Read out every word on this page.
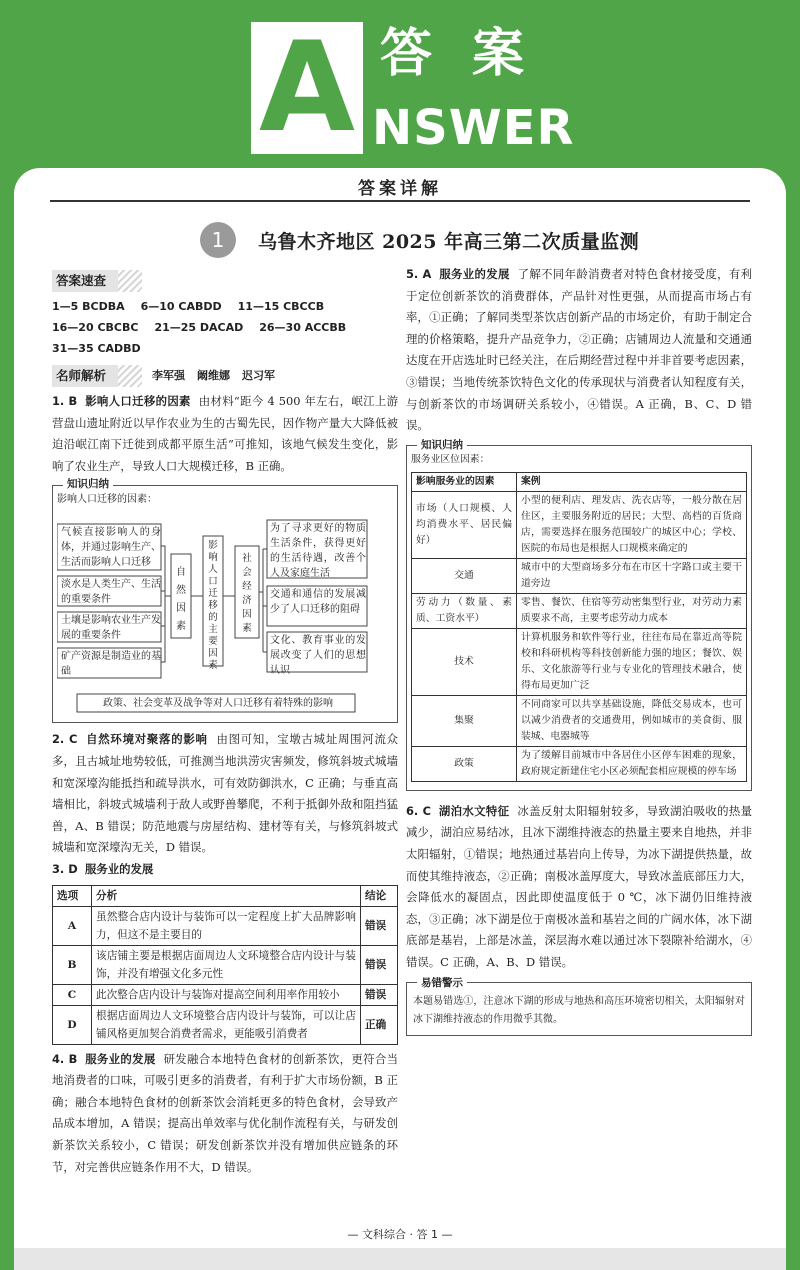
A 答案
NSWER
答案详解
1	乌鲁木齐地区 2025 年高三第二次质量监测
答案速查
1—5 BCDBA 6—10 CABDD 11—15 CBCCB
16—20 CBCBC 21—25 DACAD 26—30 ACCBB
31—35 CADBD
名师解析	李军强 阚维娜 迟习军
1. B 影响人口迁移的因素 由材料“距今 4 500 年左右，岷江上游营盘山遗址附近以早作农业为生的古蜀先民，因作物产量大大降低被迫沿岷江南下迁徙到成都平原生活”可推知，该地气候发生变化，影响了农业生产，导致人口大规模迁移，B 正确。
知识归纳
影响人口迁移的因素：
气候直接影响人的身体，并通过影响生产、生活而影响人口迁移
淡水是人类生产、生活的重要条件
土壤是影响农业生产发展的重要条件
矿产资源是制造业的基础
自然因素
影响人口迁移的主要因素
社会经济因素
为了寻求更好的物质生活条件，获得更好的生活待遇，改善个人及家庭生活
交通和通信的发展减少了人口迁移的阻碍
文化、教育事业的发展改变了人们的思想认识
政策、社会变革及战争等对人口迁移有着特殊的影响
2. C 自然环境对聚落的影响 由图可知，宝墩古城址周围河流众多，且古城址地势较低，可推测当地洪涝灾害频发，修筑斜坡式城墙和宽深壕沟能抵挡和疏导洪水，可有效防御洪水，C 正确；与垂直高墙相比，斜坡式城墙利于敌人或野兽攀爬，不利于抵御外敌和阻挡猛兽，A、B 错误；防范地震与房屋结构、建材等有关，与修筑斜坡式城墙和宽深壕沟无关，D 错误。
3. D 服务业的发展
选项	分析	结论
A	虽然整合店内设计与装饰可以一定程度上扩大品牌影响力，但这不是主要目的	错误
B	该店铺主要是根据店面周边人文环境整合店内设计与装饰，并没有增强文化多元性	错误
C	此次整合店内设计与装饰对提高空间利用率作用较小	错误
D	根据店面周边人文环境整合店内设计与装饰，可以让店铺风格更加契合消费者需求，更能吸引消费者	正确
4. B 服务业的发展 研发融合本地特色食材的创新茶饮，更符合当地消费者的口味，可吸引更多的消费者，有利于扩大市场份额，B 正确；融合本地特色食材的创新茶饮会消耗更多的特色食材，会导致产品成本增加，A 错误；提高出单效率与优化制作流程有关，与研发创新茶饮关系较小，C 错误；研发创新茶饮并没有增加供应链条的环节，对完善供应链条作用不大，D 错误。
5. A 服务业的发展 了解不同年龄消费者对特色食材接受度，有利于定位创新茶饮的消费群体，产品针对性更强，从而提高市场占有率，①正确；了解同类型茶饮店创新产品的市场定价，有助于制定合理的价格策略，提升产品竞争力，②正确；店铺周边人流量和交通通达度在开店选址时已经关注，在后期经营过程中并非首要考虑因素，③错误；当地传统茶饮特色文化的传承现状与消费者认知程度有关，与创新茶饮的市场调研关系较小，④错误。A 正确，B、C、D 错误。
知识归纳
服务业区位因素：
影响服务业的因素	案例
市场（人口规模、人均消费水平、居民偏好）	小型的便利店、理发店、洗衣店等，一般分散在居住区，主要服务附近的居民；大型、高档的百货商店，需要选择在服务范围较广的城区中心；学校、医院的布局也是根据人口规模来确定的
交通	城市中的大型商场多分布在市区十字路口或主要干道旁边
劳动力（数量、素质、工资水平）	零售、餐饮、住宿等劳动密集型行业，对劳动力素质要求不高，主要考虑劳动力成本
技术	计算机服务和软件等行业，往往布局在靠近高等院校和科研机构等科技创新能力强的地区；餐饮、娱乐、文化旅游等行业与专业化的管理技术融合，使得布局更加广泛
集聚	不同商家可以共享基础设施，降低交易成本，也可以减少消费者的交通费用，例如城市的美食街、服装城、电器城等
政策	为了缓解目前城市中各居住小区停车困难的现象，政府规定新建住宅小区必须配套相应规模的停车场
6. C 湖泊水文特征 冰盖反射太阳辐射较多，导致湖泊吸收的热量减少，湖泊应易结冰，且冰下湖维持液态的热量主要来自地热，并非太阳辐射，①错误；地热通过基岩向上传导，为冰下湖提供热量，故而使其维持液态，②正确；南极冰盖厚度大，导致冰盖底部压力大，会降低水的凝固点，因此即使温度低于 0 ℃，冰下湖仍旧维持液态，③正确；冰下湖是位于南极冰盖和基岩之间的广阔水体，冰下湖底部是基岩，上部是冰盖，深层海水难以通过冰下裂隙补给湖水，④错误。C 正确，A、B、D 错误。
易错警示
本题易错选①，注意冰下湖的形成与地热和高压环境密切相关，太阳辐射对冰下湖维持液态的作用微乎其微。
— 文科综合 · 答 1 —
